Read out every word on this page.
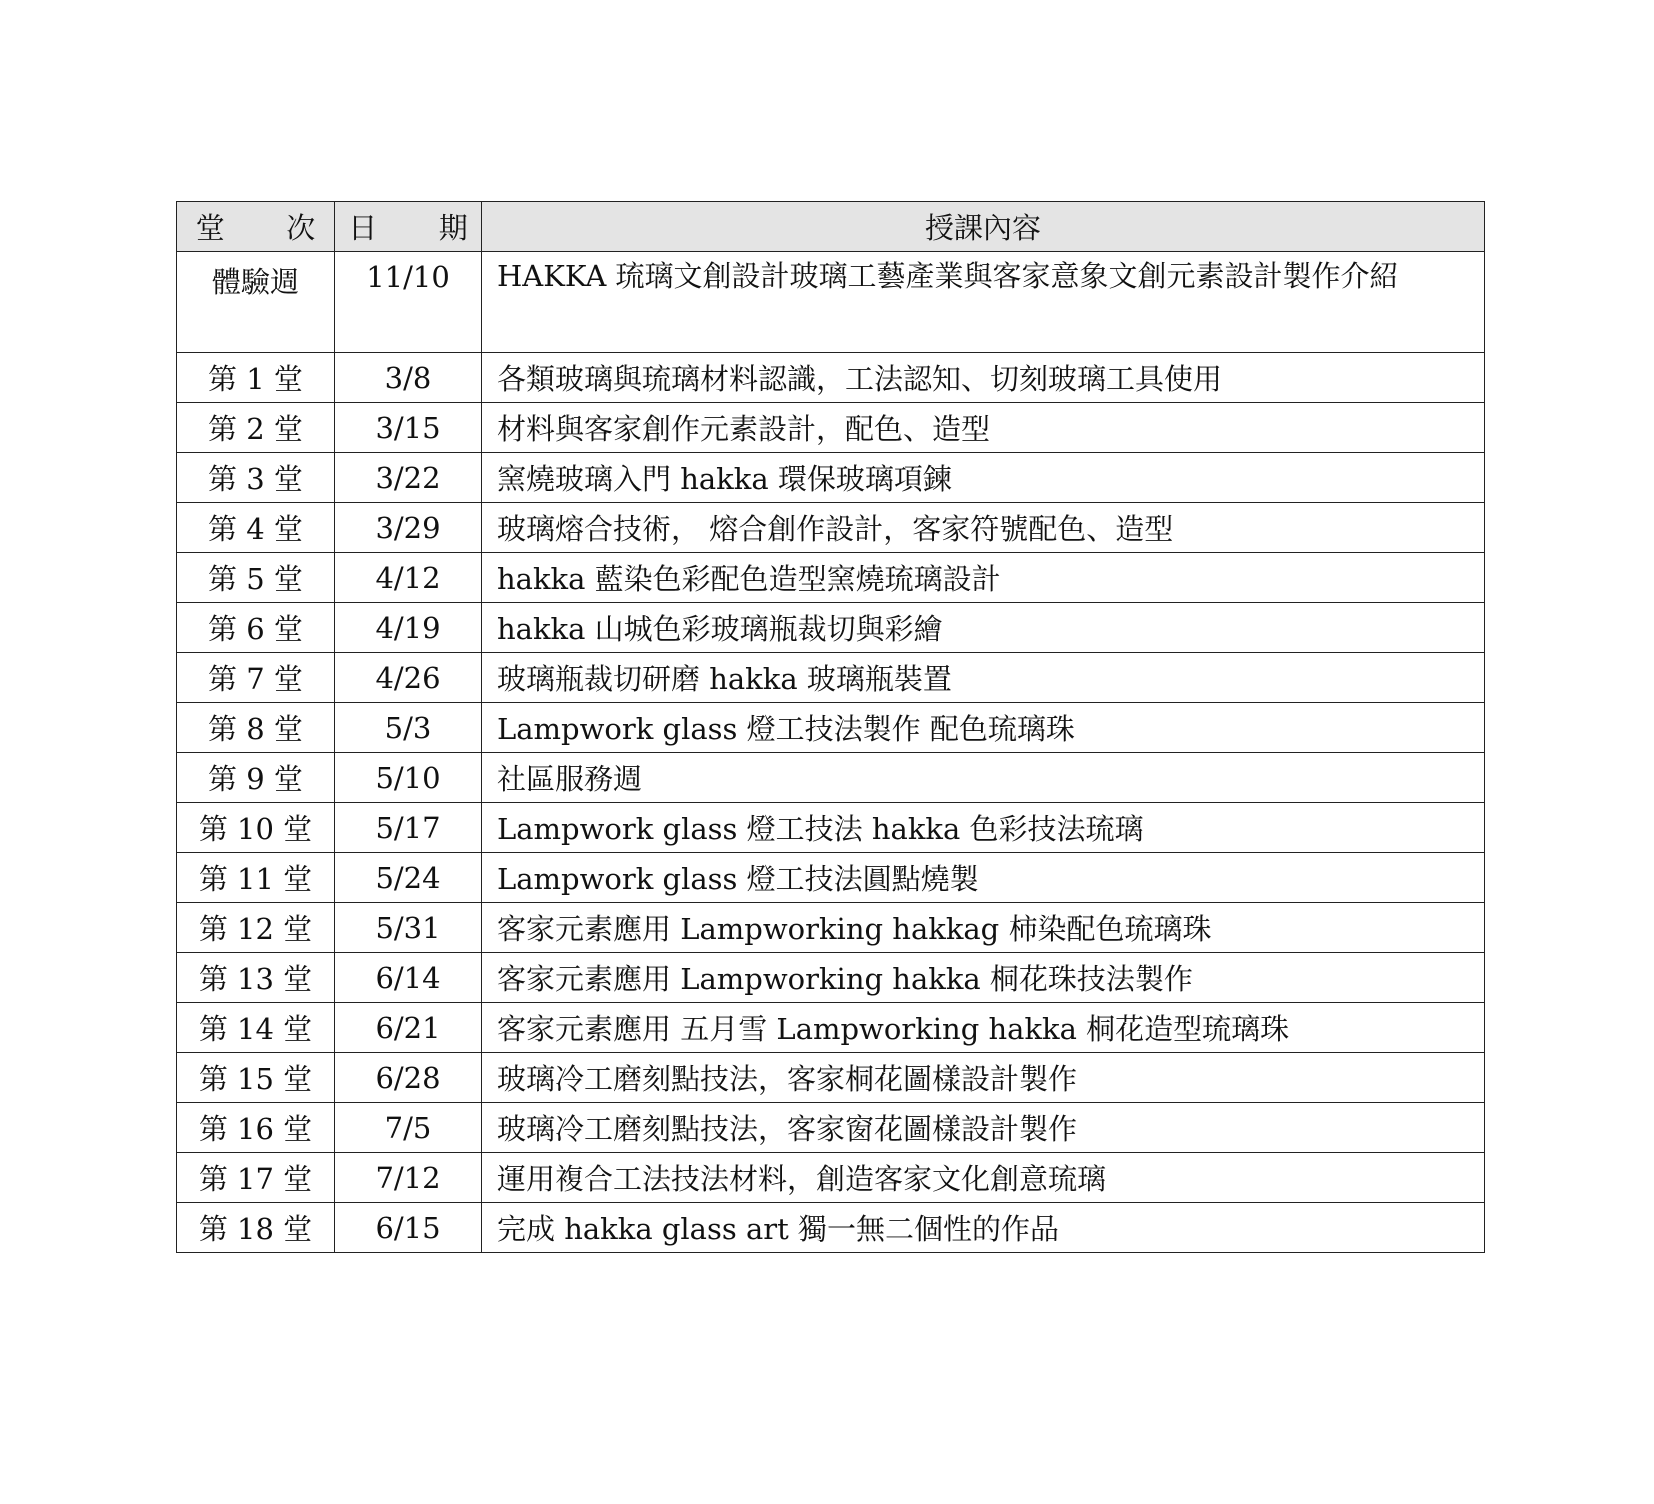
堂 次	日 期	授課內容
體驗週	11/10	HAKKA 琉璃文創設計玻璃工藝產業與客家意象文創元素設計製作介紹
第 1 堂	3/8	各類玻璃與琉璃材料認識，工法認知、切刻玻璃工具使用
第 2 堂	3/15	材料與客家創作元素設計，配色、造型
第 3 堂	3/22	窯燒玻璃入門 hakka 環保玻璃項鍊
第 4 堂	3/29	玻璃熔合技術， 熔合創作設計，客家符號配色、造型
第 5 堂	4/12	hakka 藍染色彩配色造型窯燒琉璃設計
第 6 堂	4/19	hakka 山城色彩玻璃瓶裁切與彩繪
第 7 堂	4/26	玻璃瓶裁切研磨 hakka 玻璃瓶裝置
第 8 堂	5/3	Lampwork glass 燈工技法製作 配色琉璃珠
第 9 堂	5/10	社區服務週
第 10 堂	5/17	Lampwork glass 燈工技法 hakka 色彩技法琉璃
第 11 堂	5/24	Lampwork glass 燈工技法圓點燒製
第 12 堂	5/31	客家元素應用 Lampworking hakkag 柿染配色琉璃珠
第 13 堂	6/14	客家元素應用 Lampworking hakka 桐花珠技法製作
第 14 堂	6/21	客家元素應用 五月雪 Lampworking hakka 桐花造型琉璃珠
第 15 堂	6/28	玻璃冷工磨刻點技法，客家桐花圖樣設計製作
第 16 堂	7/5	玻璃冷工磨刻點技法，客家窗花圖樣設計製作
第 17 堂	7/12	運用複合工法技法材料，創造客家文化創意琉璃
第 18 堂	6/15	完成 hakka glass art 獨一無二個性的作品
